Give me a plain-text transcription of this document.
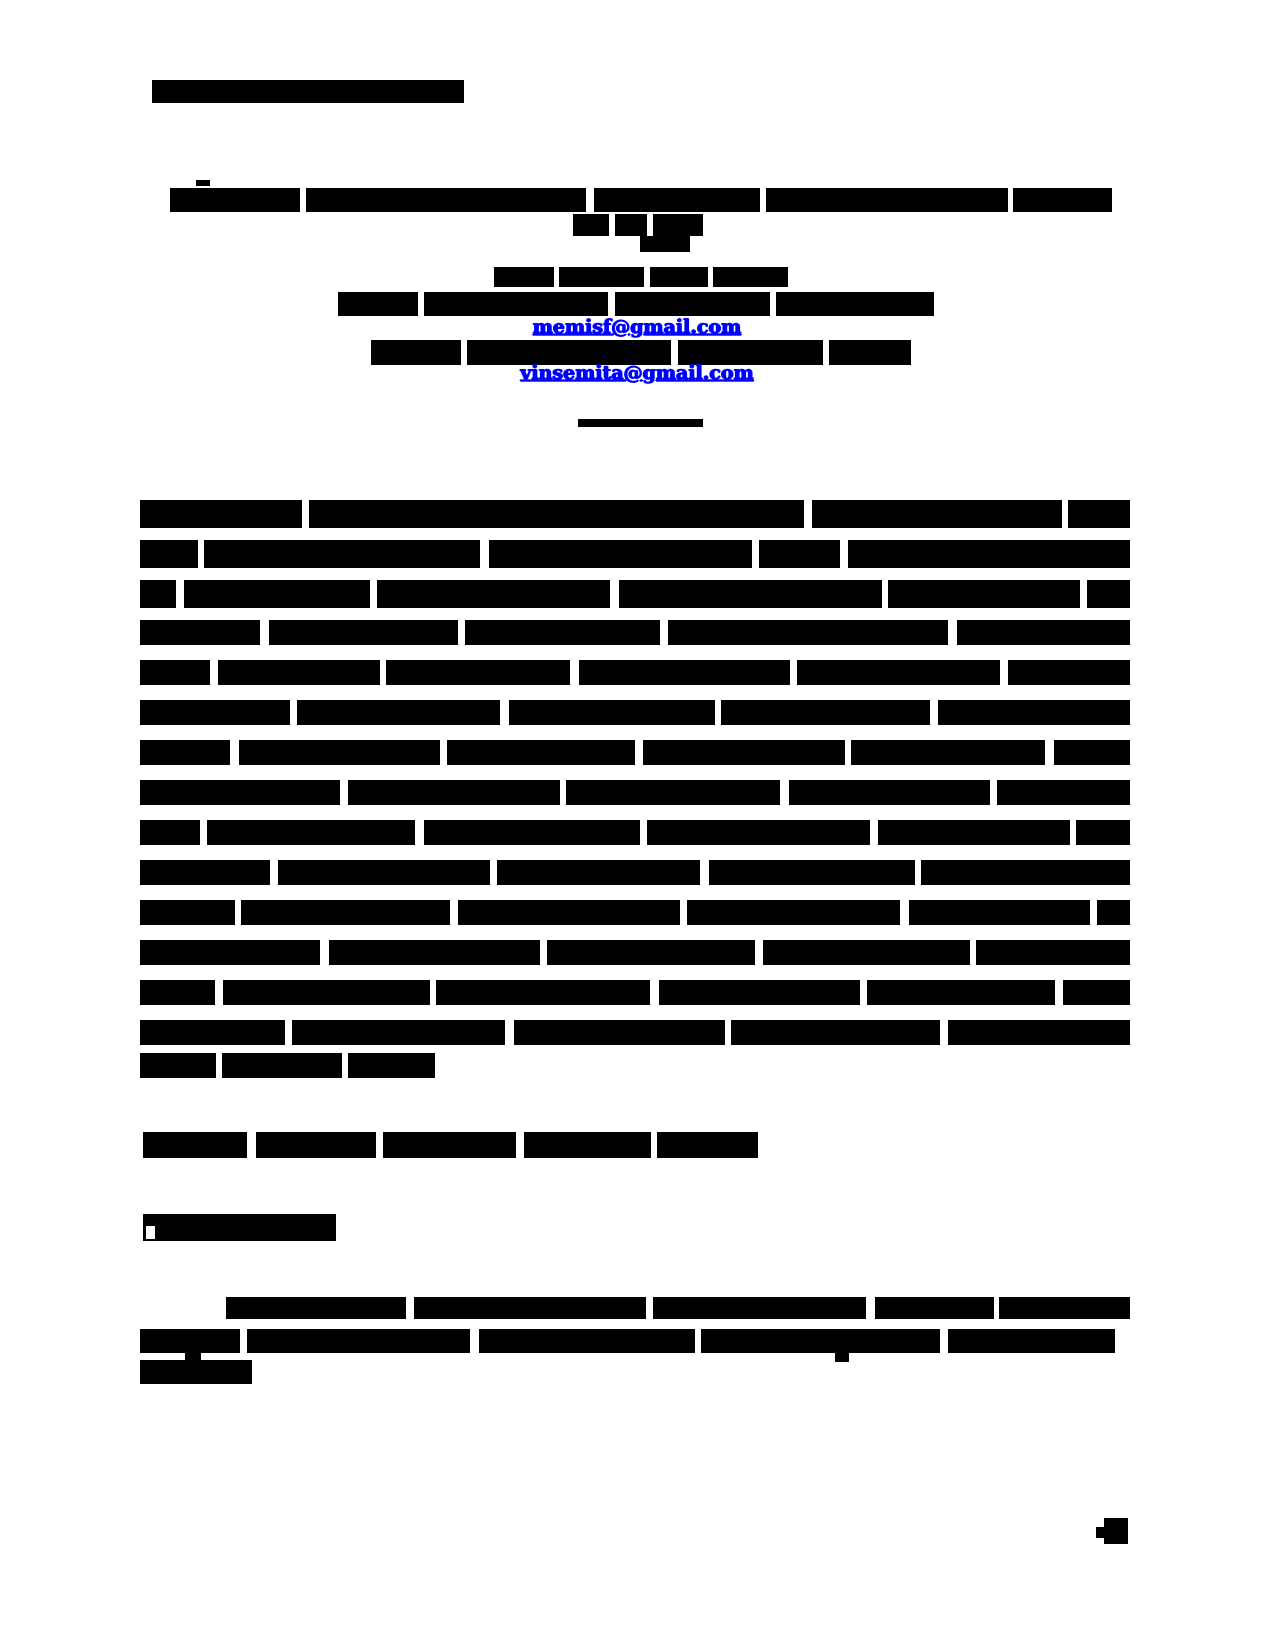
memisf@gmail.com
vinsemita@gmail.com
